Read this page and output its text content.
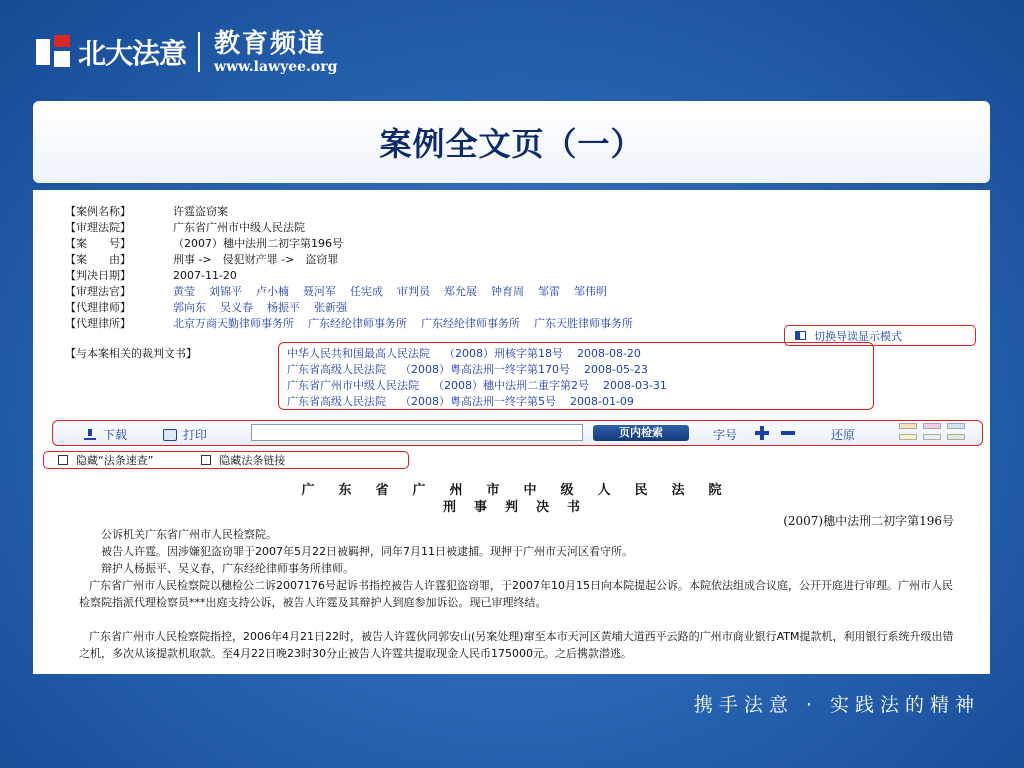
北大法意 教育频道
www.lawyee.org
案例全文页（一）
【案例名称】	许霆盗窃案
【审理法院】	广东省广州市中级人民法院
【案　　号】	（2007）穗中法刑二初字第196号
【案　　由】	刑事 ->　侵犯财产罪 ->　盗窃罪
【判决日期】	2007-11-20
【审理法官】	黄莹 刘锦平 卢小楠 聂河军 任宪成 审判员 郑允展 钟育周 邹雷 邹伟明
【代理律师】	郭向东 吴义春 杨振平 张新强
【代理律所】	北京万商天勤律师事务所 广东经纶律师事务所 广东经纶律师事务所 广东天胜律师事务所
切换导读显示模式
【与本案相关的裁判文书】	中华人民共和国最高人民法院 （2008）刑核字第18号 2008-08-20
广东省高级人民法院 （2008）粤高法刑一终字第170号 2008-05-23
广东省广州市中级人民法院 （2008）穗中法刑二重字第2号 2008-03-31
广东省高级人民法院 （2008）粤高法刑一终字第5号 2008-01-09
下载	打印	页内检索	字号	还原
隐藏“法条速查”	隐藏法条链接
广东省广州市中级人民法院
刑事判决书
(2007)穗中法刑二初字第196号
公诉机关广东省广州市人民检察院。
被告人许霆。因涉嫌犯盗窃罪于2007年5月22日被羁押，同年7月11日被逮捕。现押于广州市天河区看守所。
辩护人杨振平、吴义春，广东经纶律师事务所律师。
广东省广州市人民检察院以穗检公二诉2007176号起诉书指控被告人许霆犯盗窃罪，于2007年10月15日向本院提起公诉。本院依法组成合议庭，公开开庭进行审理。广州市人民检察院指派代理检察员***出庭支持公诉，被告人许霆及其辩护人到庭参加诉讼。现已审理终结。
广东省广州市人民检察院指控，2006年4月21日22时，被告人许霆伙同郭安山(另案处理)窜至本市天河区黄埔大道西平云路的广州市商业银行ATM提款机，利用银行系统升级出错之机，多次从该提款机取款。至4月22日晚23时30分止被告人许霆共提取现金人民币175000元。之后携款潜逃。
携手法意 · 实践法的精神
